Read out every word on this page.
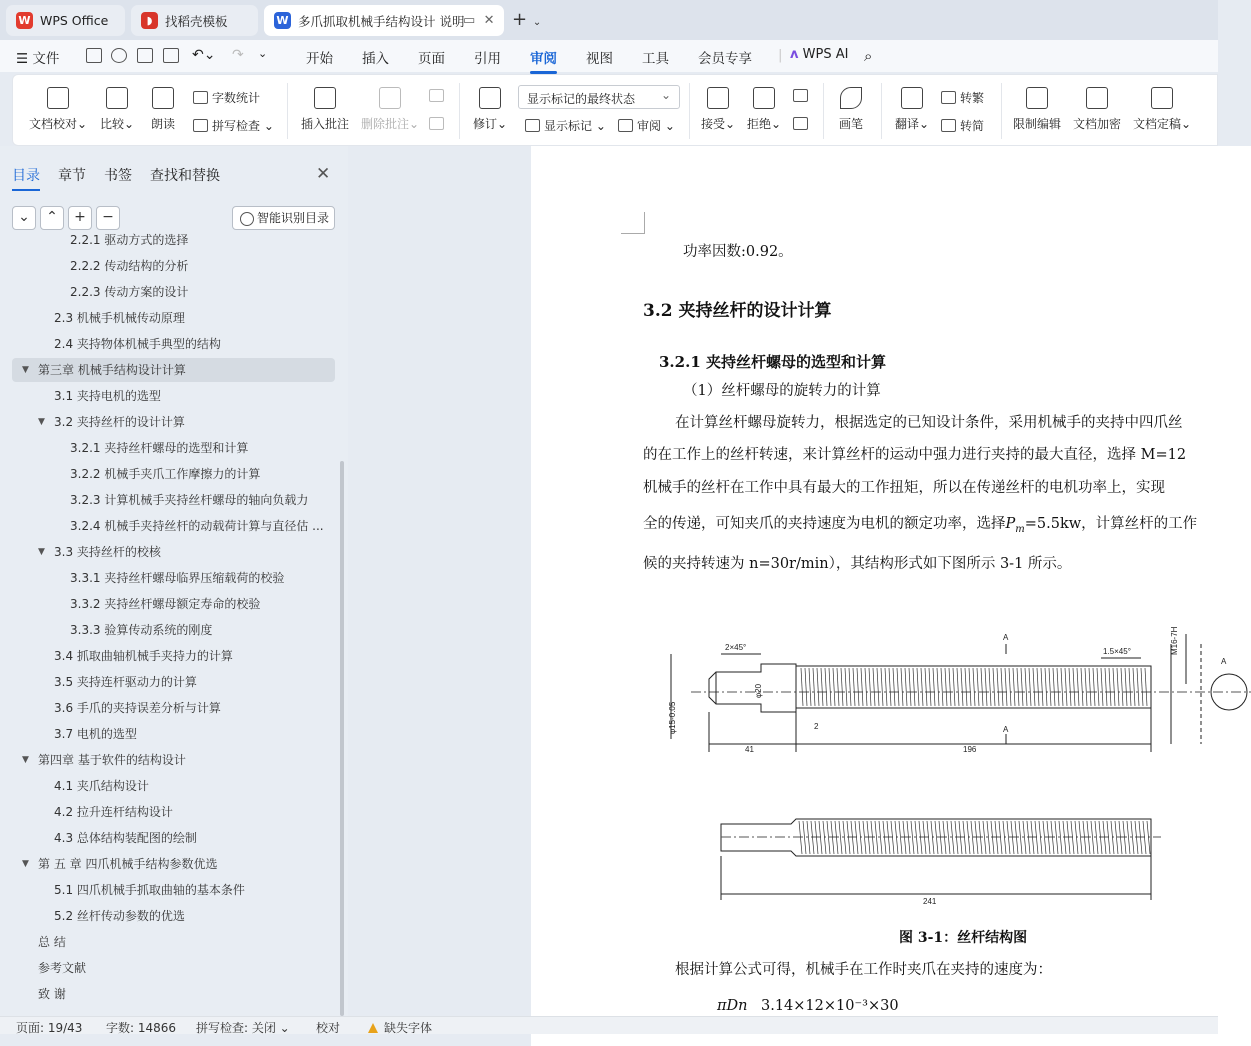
W WPS Office	◗	找稻壳模板	W 多爪抓取机械手结构设计 说明
▭ ✕ + ⌄
☰ 文件	↶⌄ ↷ ⌄	开始 插入 页面 引用 审阅 视图 工具 会员专享 | ʌ WPS AI ⌕
文档校对⌄ 比较⌄ 朗读
字数统计
拼写检查 ⌄ 插入批注 删除批注⌄	修订⌄
显示标记的最终状态 ⌄
显示标记 ⌄	审阅 ⌄ 接受⌄ 拒绝⌄	画笔	翻译⌄
转繁
转简 限制编辑 文档加密 文档定稿⌄
目录 章节 书签 查找和替换	✕
⌄	⌃	+	−	智能识别目录
2.2.1 驱动方式的选择
2.2.2 传动结构的分析
2.2.3 传动方案的设计
2.3 机械手机械传动原理
2.4 夹持物体机械手典型的结构
▼ 第三章 机械手结构设计计算
3.1 夹持电机的选型
▼ 3.2 夹持丝杆的设计计算
3.2.1 夹持丝杆螺母的选型和计算
3.2.2 机械手夹爪工作摩擦力的计算
3.2.3 计算机械手夹持丝杆螺母的轴向负载力
3.2.4 机械手夹持丝杆的动载荷计算与直径估 ...
▼ 3.3 夹持丝杆的校核
3.3.1 夹持丝杆螺母临界压缩载荷的校验
3.3.2 夹持丝杆螺母额定寿命的校验
3.3.3 验算传动系统的刚度
3.4 抓取曲轴机械手夹持力的计算
3.5 夹持连杆驱动力的计算
3.6 手爪的夹持误差分析与计算
3.7 电机的选型
▼ 第四章 基于软件的结构设计
4.1 夹爪结构设计
4.2 拉升连杆结构设计
4.3 总体结构装配图的绘制
▼ 第 五 章 四爪机械手结构参数优选
5.1 四爪机械手抓取曲轴的基本条件
5.2 丝杆传动参数的优选
总 结
参考文献
致 谢
功率因数:0.92。
3.2 夹持丝杆的设计计算
3.2.1 夹持丝杆螺母的选型和计算
（1）丝杆螺母的旋转力的计算
在计算丝杆螺母旋转力，根据选定的已知设计条件，采用机械手的夹持中四爪丝
的在工作上的丝杆转速，来计算丝杆的运动中强力进行夹持的最大直径，选择 M=12
机械手的丝杆在工作中具有最大的工作扭矩，所以在传递丝杆的电机功率上，实现
全的传递，可知夹爪的夹持速度为电机的额定功率，选择$P_m=5.5kw$，计算丝杆的工作
候的夹持转速为 n=30r/min），其结构形式如下图所示 3-1 所示。
2×45°	1.5×45°	M16-7H
41	196
2
241
φ15-0.05
φ20
A
A
A
图 3-1：丝杆结构图
根据计算公式可得，机械手在工作时夹爪在夹持的速度为：
πDn 3.14×12×10⁻³×30
页面: 19/43 字数: 14866 拼写检查: 关闭 ⌄ 校对	缺失字体
